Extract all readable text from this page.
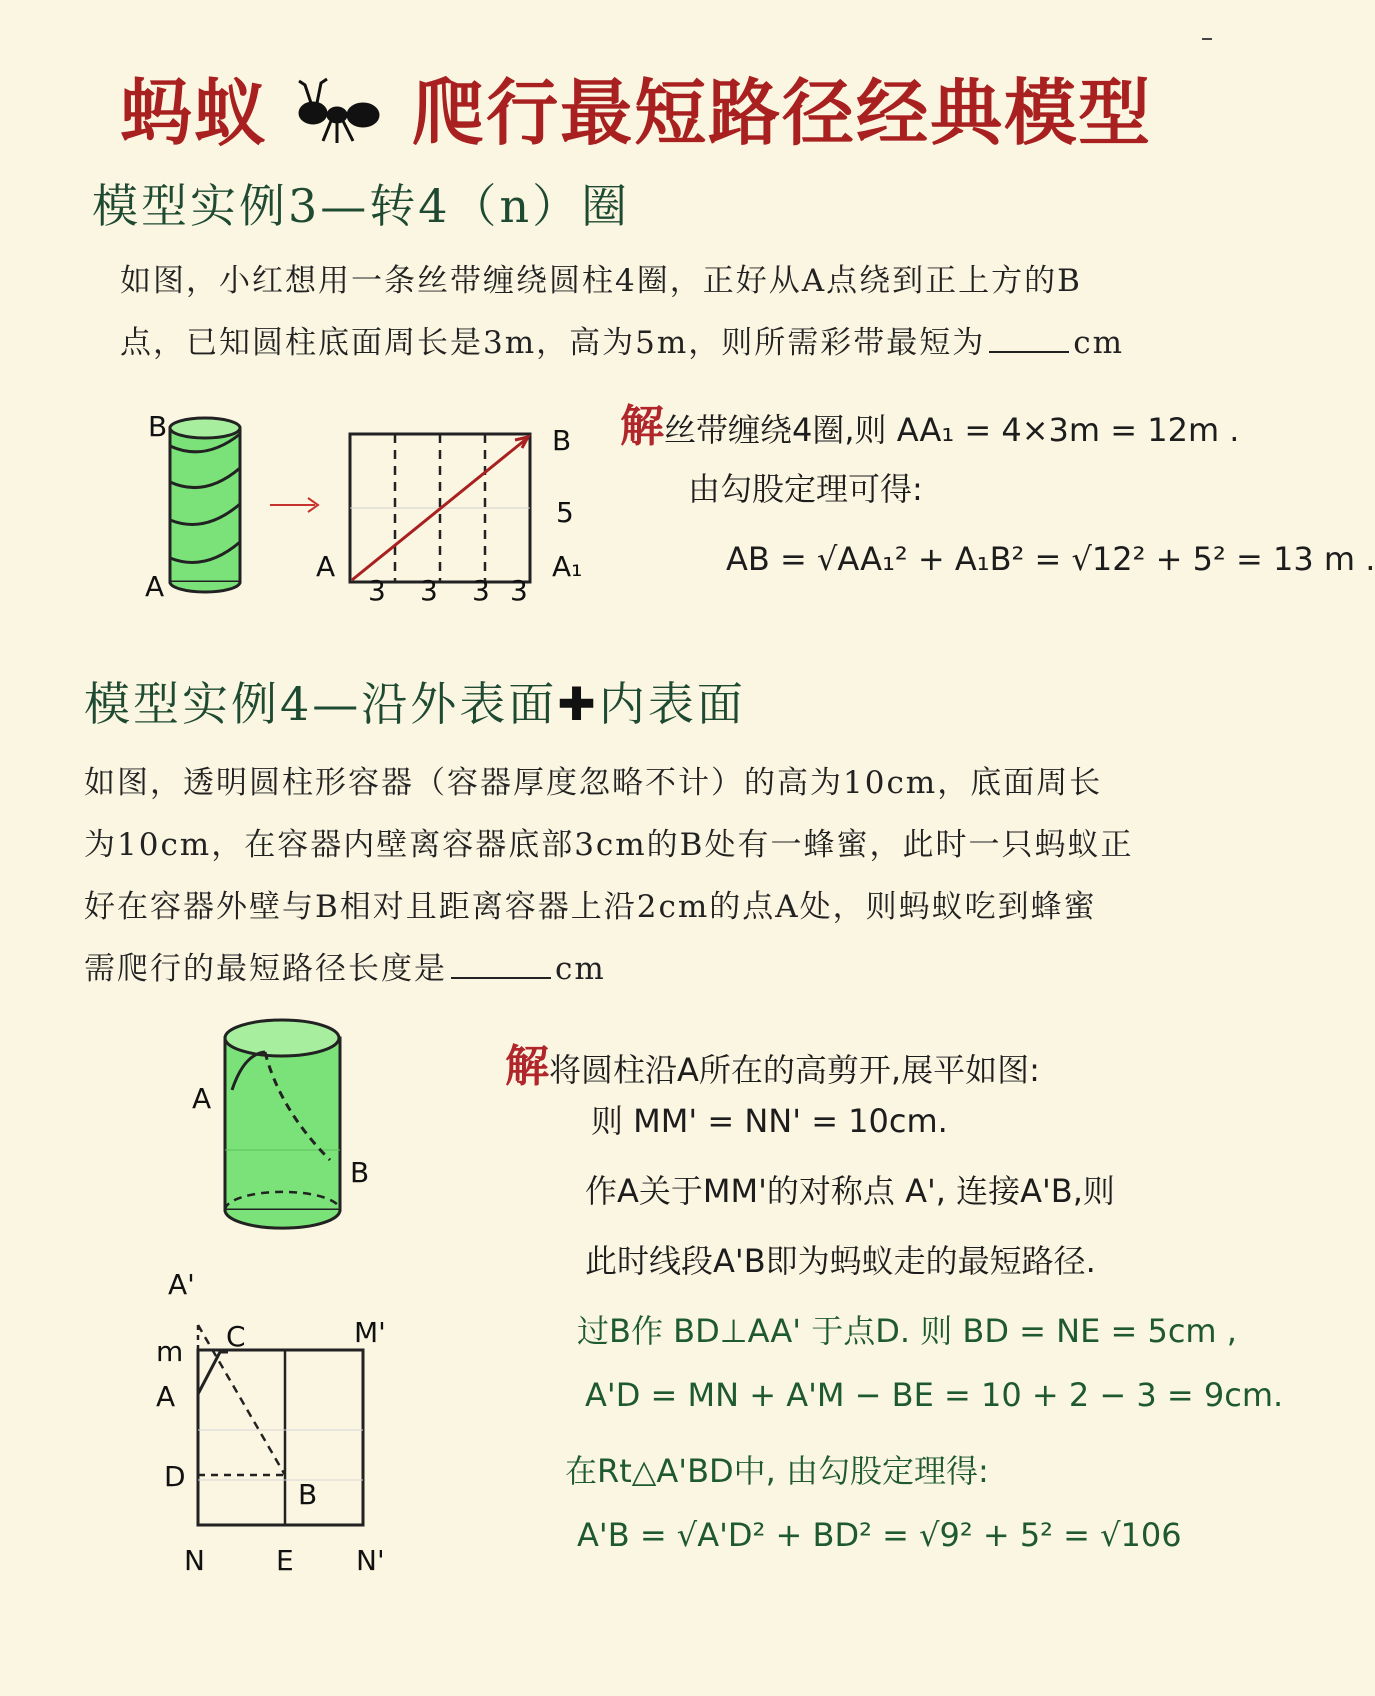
蚂蚁 爬行最短路径经典模型
模型实例3—转4（n）圈
如图，小红想用一条丝带缠绕圆柱4圈，正好从A点绕到正上方的B
点，已知圆柱底面周长是3m，高为5m，则所需彩带最短为	cm
B
A
A
B
A₁
5
3 3 3 3
解丝带缠绕4圈,则 AA₁ = 4×3m = 12m .
由勾股定理可得:
AB = √AA₁² + A₁B² = √12² + 5² = 13 m .
模型实例4—沿外表面✚内表面
如图，透明圆柱形容器（容器厚度忽略不计）的高为10cm，底面周长
为10cm，在容器内壁离容器底部3cm的B处有一蜂蜜，此时一只蚂蚁正
好在容器外壁与B相对且距离容器上沿2cm的点A处，则蚂蚁吃到蜂蜜
需爬行的最短路径长度是	cm
A
B
A'
C
m
M'
A
D
B
N	E N'
解将圆柱沿A所在的高剪开,展平如图:
则 MM' = NN' = 10cm.
作A关于MM'的对称点 A', 连接A'B,则
此时线段A'B即为蚂蚁走的最短路径.
过B作 BD⊥AA' 于点D. 则 BD = NE = 5cm ,
A'D = MN + A'M − BE = 10 + 2 − 3 = 9cm.
在Rt△A'BD中, 由勾股定理得:
A'B = √A'D² + BD² = √9² + 5² = √106
